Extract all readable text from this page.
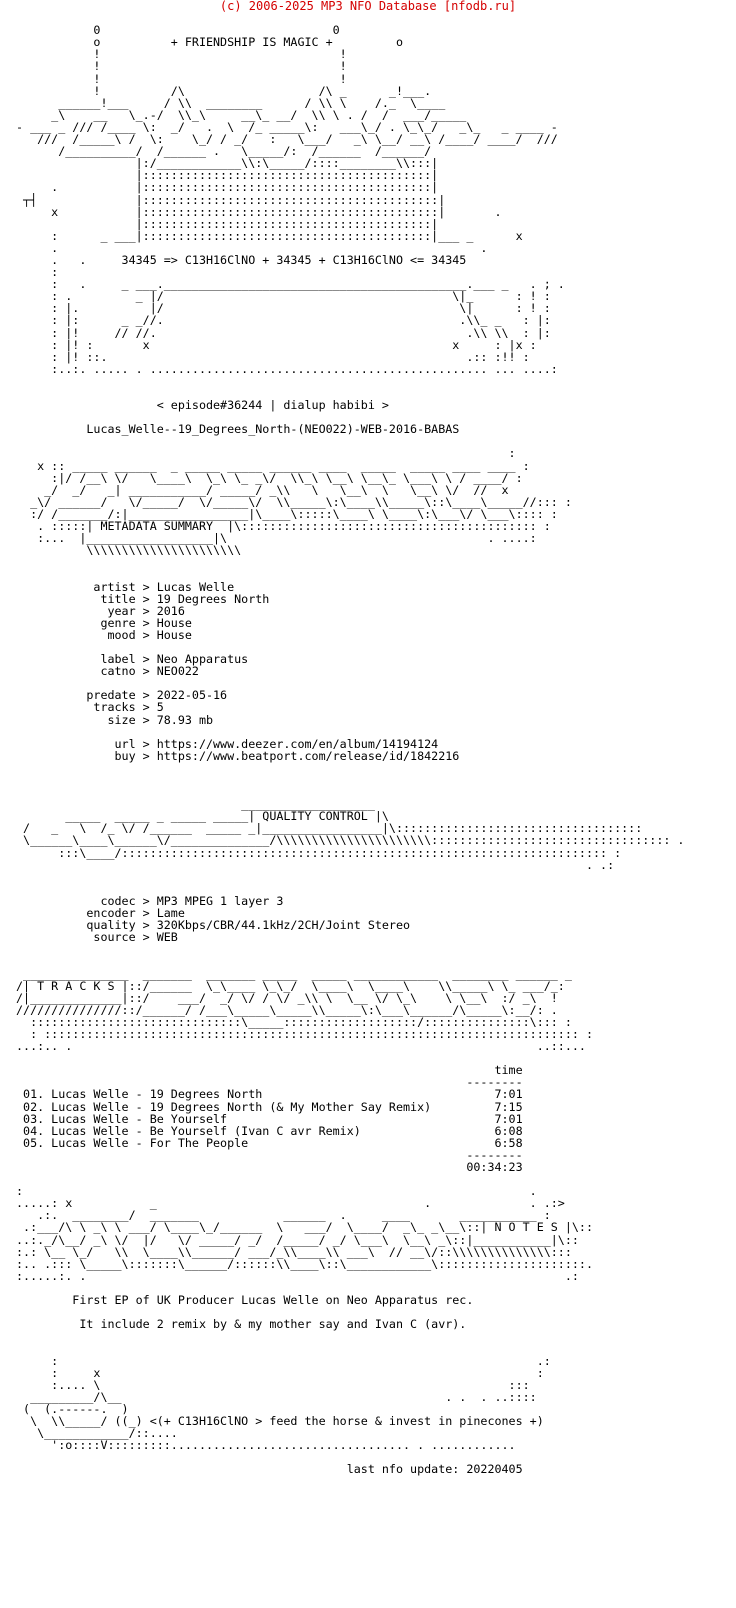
(c) 2006-2025 MP3 NFO Database [nfodb.ru]

0                                 0
o          + FRIENDSHIP IS MAGIC +         o
!                                  !
!                                  !
!                                  !
!          /\                   /\ _      _!___.
______!___     / \\  ________      / \\ \    /._  \____
_\    __   \_.-/  \\_\     __\_ __/  \\ \ . /  /  ___/_____
- ___ _ /// /____ \:  _/   .  \  /_ _____\:   ___\_/ . \_\_/   _\_   _ ____ -
///  /_____\ /  \:    \_/ / _/   :   \___/   _\ \__/ __\ /____/ ____/  ///
/__________/  /______ .   \_____/:  /______  /______/
|:/____________\\:\_____/::::________\\:::|
|:::::::::::::::::::::::::::::::::::::::::|
.           |:::::::::::::::::::::::::::::::::::::::::|
┬┤              |::::::::::::::::::::::::::::::::::::::::::|
x           |::::::::::::::::::::::::::::::::::::::::::|       .
|:::::::::::::::::::::::::::::::::::::::::|
:      _ ___|:::::::::::::::::::::::::::::::::::::::::|___ _      x
.                                                            .
.   .     34345 => C13H16ClNO + 34345 + C13H16ClNO <= 34345
:
:   .     _ ___.___________________________________________.___ _   . ; .
: .         _ |/                                         \|_      : ! :
: |.          |/                                          \|      : ! :
: |:      _ _//.                                          .\\_ _   : |:
: |!     // //.                                            .\\ \\  : |:
: |! :       x                                           x     : |x :
: |! ::.                                                   .:: :!! :
:..:. ..... . ................................................ ... ....:

< episode#36244 | dialup habibi >

Lucas_Welle--19_Degrees_North-(NEO022)-WEB-2016-BABAS

:
x :: _____ ______  _ _____ _____ ______ ____  _____  _____ ____ ____ :
:|/ /__\ \/   \____\  \_\ \_ _\/  \\_\ \__\ \__\_ \___\ \ / ____/ :
_/  _/   _| ___________/ _____/ _\\   \   \__\  \   \__\ \/  //  x
_\/ ______/   \/_____/  \/_____\/  \\_____\:\____\\_____\::\____\_____//::: :
:/ /_______/:|_________________|\____\:::::\____\ \____\:\___\/ \___\:::: :
. :::::| METADATA SUMMARY  |\:::::::::::::::::::::::::::::::::::::::::: :
:...  |__________________|\                                     . ....:
\\\\\\\\\\\\\\\\\\\\\\

artist > Lucas Welle
title > 19 Degrees North
year > 2016
genre > House
mood > House

label > Neo Apparatus
catno > NEO022

predate > 2022-05-16
tracks > 5
size > 78.93 mb

url > https://www.deezer.com/en/album/14194124
buy > https://www.beatport.com/release/id/1842216

___________________
_____  _____ _ _____ _____| QUALITY CONTROL |\
/   _   \  /_ \/ /______  _____ _|_________________|\:::::::::::::::::::::::::::::::::::
\______\____\______\/______________/\\\\\\\\\\\\\\\\\\\\\\:::::::::::::::::::::::::::::::::: .
:::\____/::::::::::::::::::::::::::::::::::::::::::::::::::::::::::::::::::::: :
. .:

codec > MP3 MPEG 1 layer 3
encoder > Lame
quality > 320Kbps/CBR/44.1kHz/2CH/Joint Stereo
source > WEB

_______________  _______  _______ _____  _____ ____________  ________ ______ _
/| T R A C K S |::/______  \_\____ \_\_/  \____\  \____\    \\_____\ \_ ___/_:
/|_____________|::/    ___/  _/ \/ / \/ _\\ \  \__ \/ \_\    \ \__\  :/ _\  !
///////////////::/______/ /___\_____\_____\\_____\:\___\______/\_____\:__/: .
::::::::::::::::::::::::::::::\_____:::::::::::::::::::/:::::::::::::::\::: :
: :::::::::::::::::::::::::::::::::::::::::::::::::::::::::::::::::::::::::::: :
...:.. .                                                                  ..::...

time
--------
01. Lucas Welle - 19 Degrees North                                 7:01
02. Lucas Welle - 19 Degrees North (& My Mother Say Remix)         7:15
03. Lucas Welle - Be Yourself                                      7:01
04. Lucas Welle - Be Yourself (Ivan C avr Remix)                   6:08
05. Lucas Welle - For The People                                   6:58
--------
00:34:23

:                                                                        .
.....: x           _                                      .              . .:>
.:.  ________/  _______            ______  .     ____       ___________ :
.:___/\ \ _\ \ ___/ \____\_/______  \   ___/  \____/  _\_ _\__\::| N O T E S |\::
..:._/\__/ _\ \/  |/   \/ _____/ _/  /_____/ _/ \___\  \__\ _\::|___________|\::
:.: \__ \_/   \\  \____\\______/ ___/_\\____\\ ___\  // __\/::\\\\\\\\\\\\\\:::
:.. .::: \_____\:::::::\______/::::::\\____\::\____________\:::::::::::::::::::::.
:.....:. .                                                                    .:

First EP of UK Producer Lucas Welle on Neo Apparatus rec.

It include 2 remix by & my mother say and Ivan C (avr).

:                                                                    .:
:     x                                                              :
:.... \                                                          :::
_________/\__                                              . .  . ..::::
(  (.------.  )
\  \\_____/ ((_) <(+ C13H16ClNO > feed the horse & invest in pinecones +)
\____________/::....
':o::::V:::::::::.................................. . ............

last nfo update: 20220405
